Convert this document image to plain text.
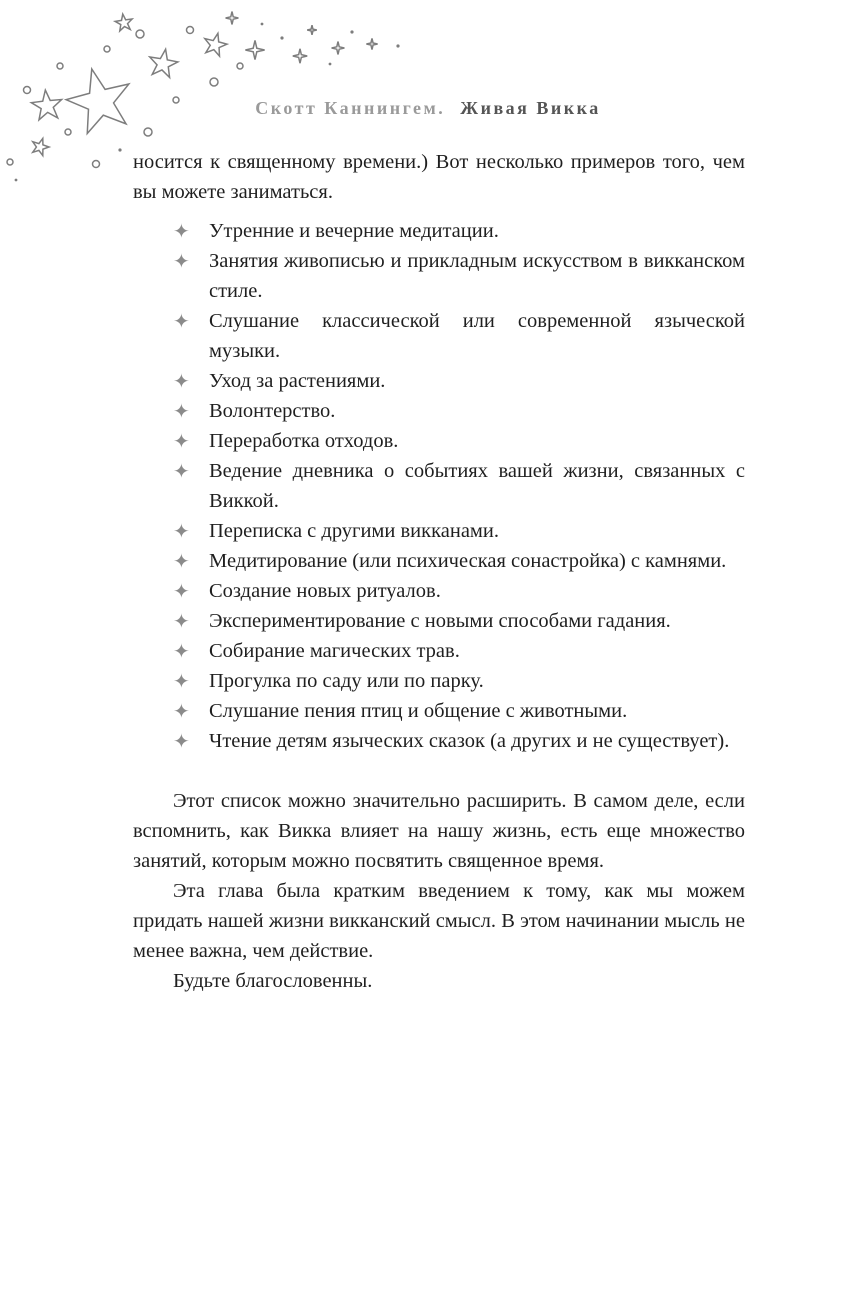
Скотт Каннингем. Живая Викка

носится к священному времени.) Вот несколько примеров того, чем вы можете заниматься.

✦ Утренние и вечерние медитации.
✦ Занятия живописью и прикладным искусством в викканском стиле.
✦ Слушание классической или современной языческой музыки.
✦ Уход за растениями.
✦ Волонтерство.
✦ Переработка отходов.
✦ Ведение дневника о событиях вашей жизни, связанных с Виккой.
✦ Переписка с другими викканами.
✦ Медитирование (или психическая сонастройка) с камнями.
✦ Создание новых ритуалов.
✦ Экспериментирование с новыми способами гадания.
✦ Собирание магических трав.
✦ Прогулка по саду или по парку.
✦ Слушание пения птиц и общение с животными.
✦ Чтение детям языческих сказок (а других и не существует).

Этот список можно значительно расширить. В самом деле, если вспомнить, как Викка влияет на нашу жизнь, есть еще множество занятий, которым можно посвятить священное время.

Эта глава была кратким введением к тому, как мы можем придать нашей жизни викканский смысл. В этом начинании мысль не менее важна, чем действие.

Будьте благословенны.
